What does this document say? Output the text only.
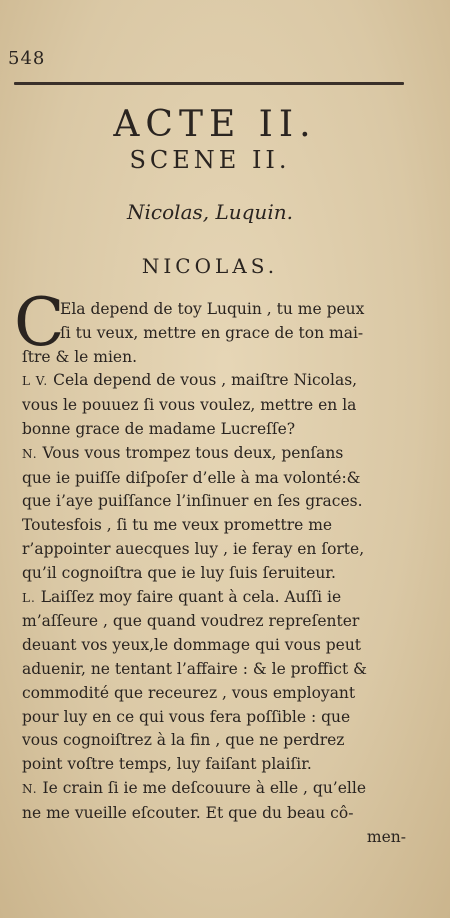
548
ACTE II.
SCENE II.
Nicolas, Luquin.
NICOLAS.
C
Ela depend de toy Luquin , tu me peux
ſi tu veux, mettre en grace de ton mai-
ſtre & le mien.
L V. Cela depend de vous , maiſtre Nicolas,
vous le pouuez ſi vous voulez, mettre en la
bonne grace de madame Lucreſſe?
N. Vous vous trompez tous deux, penſans
que ie puiſſe diſpoſer d’elle à ma volonté:&
que i’aye puiſſance l’inſinuer en ſes graces.
Toutesfois , ſi tu me veux promettre me
r’appointer auecques luy , ie feray en ſorte,
qu’il cognoiſtra que ie luy ſuis ſeruiteur.
L. Laiſſez moy faire quant à cela. Auſſi ie
m’aſſeure , que quand voudrez repreſenter
deuant vos yeux,le dommage qui vous peut
aduenir, ne tentant l’affaire : & le proffict &
commodité que receurez , vous employant
pour luy en ce qui vous fera poſſible : que
vous cognoiſtrez à la fin , que ne perdrez
point voſtre temps, luy faiſant plaiſir.
N. Ie crain ſi ie me deſcouure à elle , qu’elle
ne me vueille eſcouter. Et que du beau cô-
men-
